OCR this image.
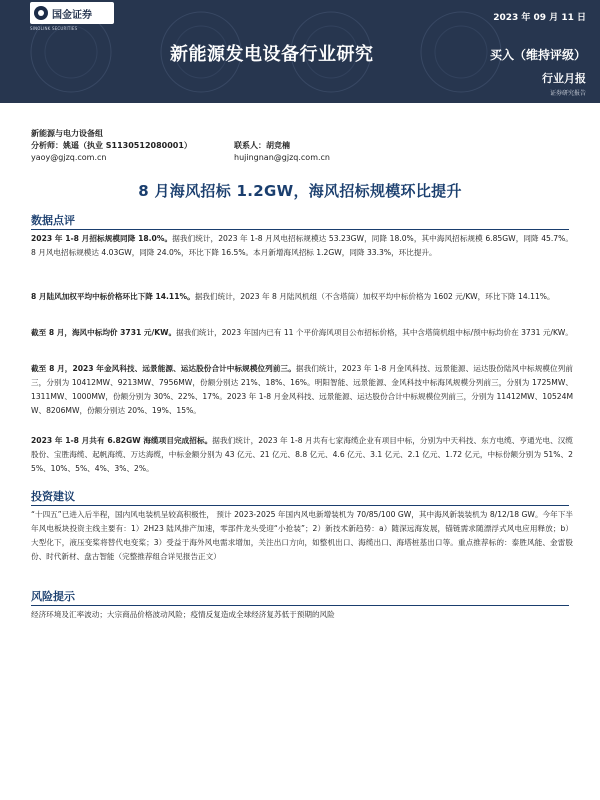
国金证券
SINOLINK SECURITIES
2023 年 09 月 11 日
新能源发电设备行业研究	买入（维持评级）
行业月报
证券研究报告
新能源与电力设备组
分析师：姚遥（执业 S1130512080001）	联系人：胡竞楠
yaoy@gjzq.com.cn	hujingnan@gjzq.com.cn
8 月海风招标 1.2GW，海风招标规模环比提升
数据点评
2023 年 1-8 月招标规模同降 18.0%。据我们统计，2023 年 1-8 月风电招标规模达 53.23GW，同降 18.0%，其中海风招标规模 6.85GW，同降 45.7%。8 月风电招标规模达 4.03GW，同降 24.0%，环比下降 16.5%。本月新增海风招标 1.2GW，同降 33.3%，环比提升。
8 月陆风加权平均中标价格环比下降 14.11%。据我们统计，2023 年 8 月陆风机组（不含塔筒）加权平均中标价格为 1602 元/KW，环比下降 14.11%。
截至 8 月，海风中标均价 3731 元/KW。据我们统计，2023 年国内已有 11 个平价海风项目公布招标价格，其中含塔筒机组中标/预中标均价在 3731 元/KW。
截至 8 月，2023 年金风科技、远景能源、运达股份合计中标规模位列前三。据我们统计，2023 年 1-8 月金风科技、远景能源、运达股份陆风中标规模位列前三，分别为 10412MW、9213MW、7956MW，份额分别达 21%、18%、16%。明阳智能、远景能源、金风科技中标海风规模分列前三，分别为 1725MW、1311MW、1000MW，份额分别为 30%、22%、17%。2023 年 1-8 月金风科技、远景能源、运达股份合计中标规模位列前三，分别为 11412MW、10524MW、8206MW，份额分别达 20%、19%、15%。
2023 年 1-8 月共有 6.82GW 海缆项目完成招标。据我们统计，2023 年 1-8 月共有七家海缆企业有项目中标，分别为中天科技、东方电缆、亨通光电、汉缆股份、宝胜海缆、起帆海缆、万达海缆，中标金额分别为 43 亿元、21 亿元、8.8 亿元、4.6 亿元、3.1 亿元、2.1 亿元、1.72 亿元，中标份额分别为 51%、25%、10%、5%、4%、3%、2%。
投资建议
“十四五”已进入后半程，国内风电装机呈较高积极性， 预计 2023-2025 年国内风电新增装机为 70/85/100 GW，其中海风新装装机为 8/12/18 GW。今年下半年风电板块投资主线主要有：1）2H23 陆风排产加速，零部件龙头受迎“小抢装”；2）新技术新趋势：a）随深远海发展，锚链需求随漂浮式风电应用释放；b）大型化下，液压变桨将替代电变桨；3）受益于海外风电需求增加，关注出口方向，如整机出口、海缆出口、海塔桩基出口等。重点推荐标的：泰胜风能、金雷股份、时代新材、盘古智能（完整推荐组合详见报告正文）
风险提示
经济环境及汇率波动；大宗商品价格波动风险；疫情反复造成全球经济复苏低于预期的风险
